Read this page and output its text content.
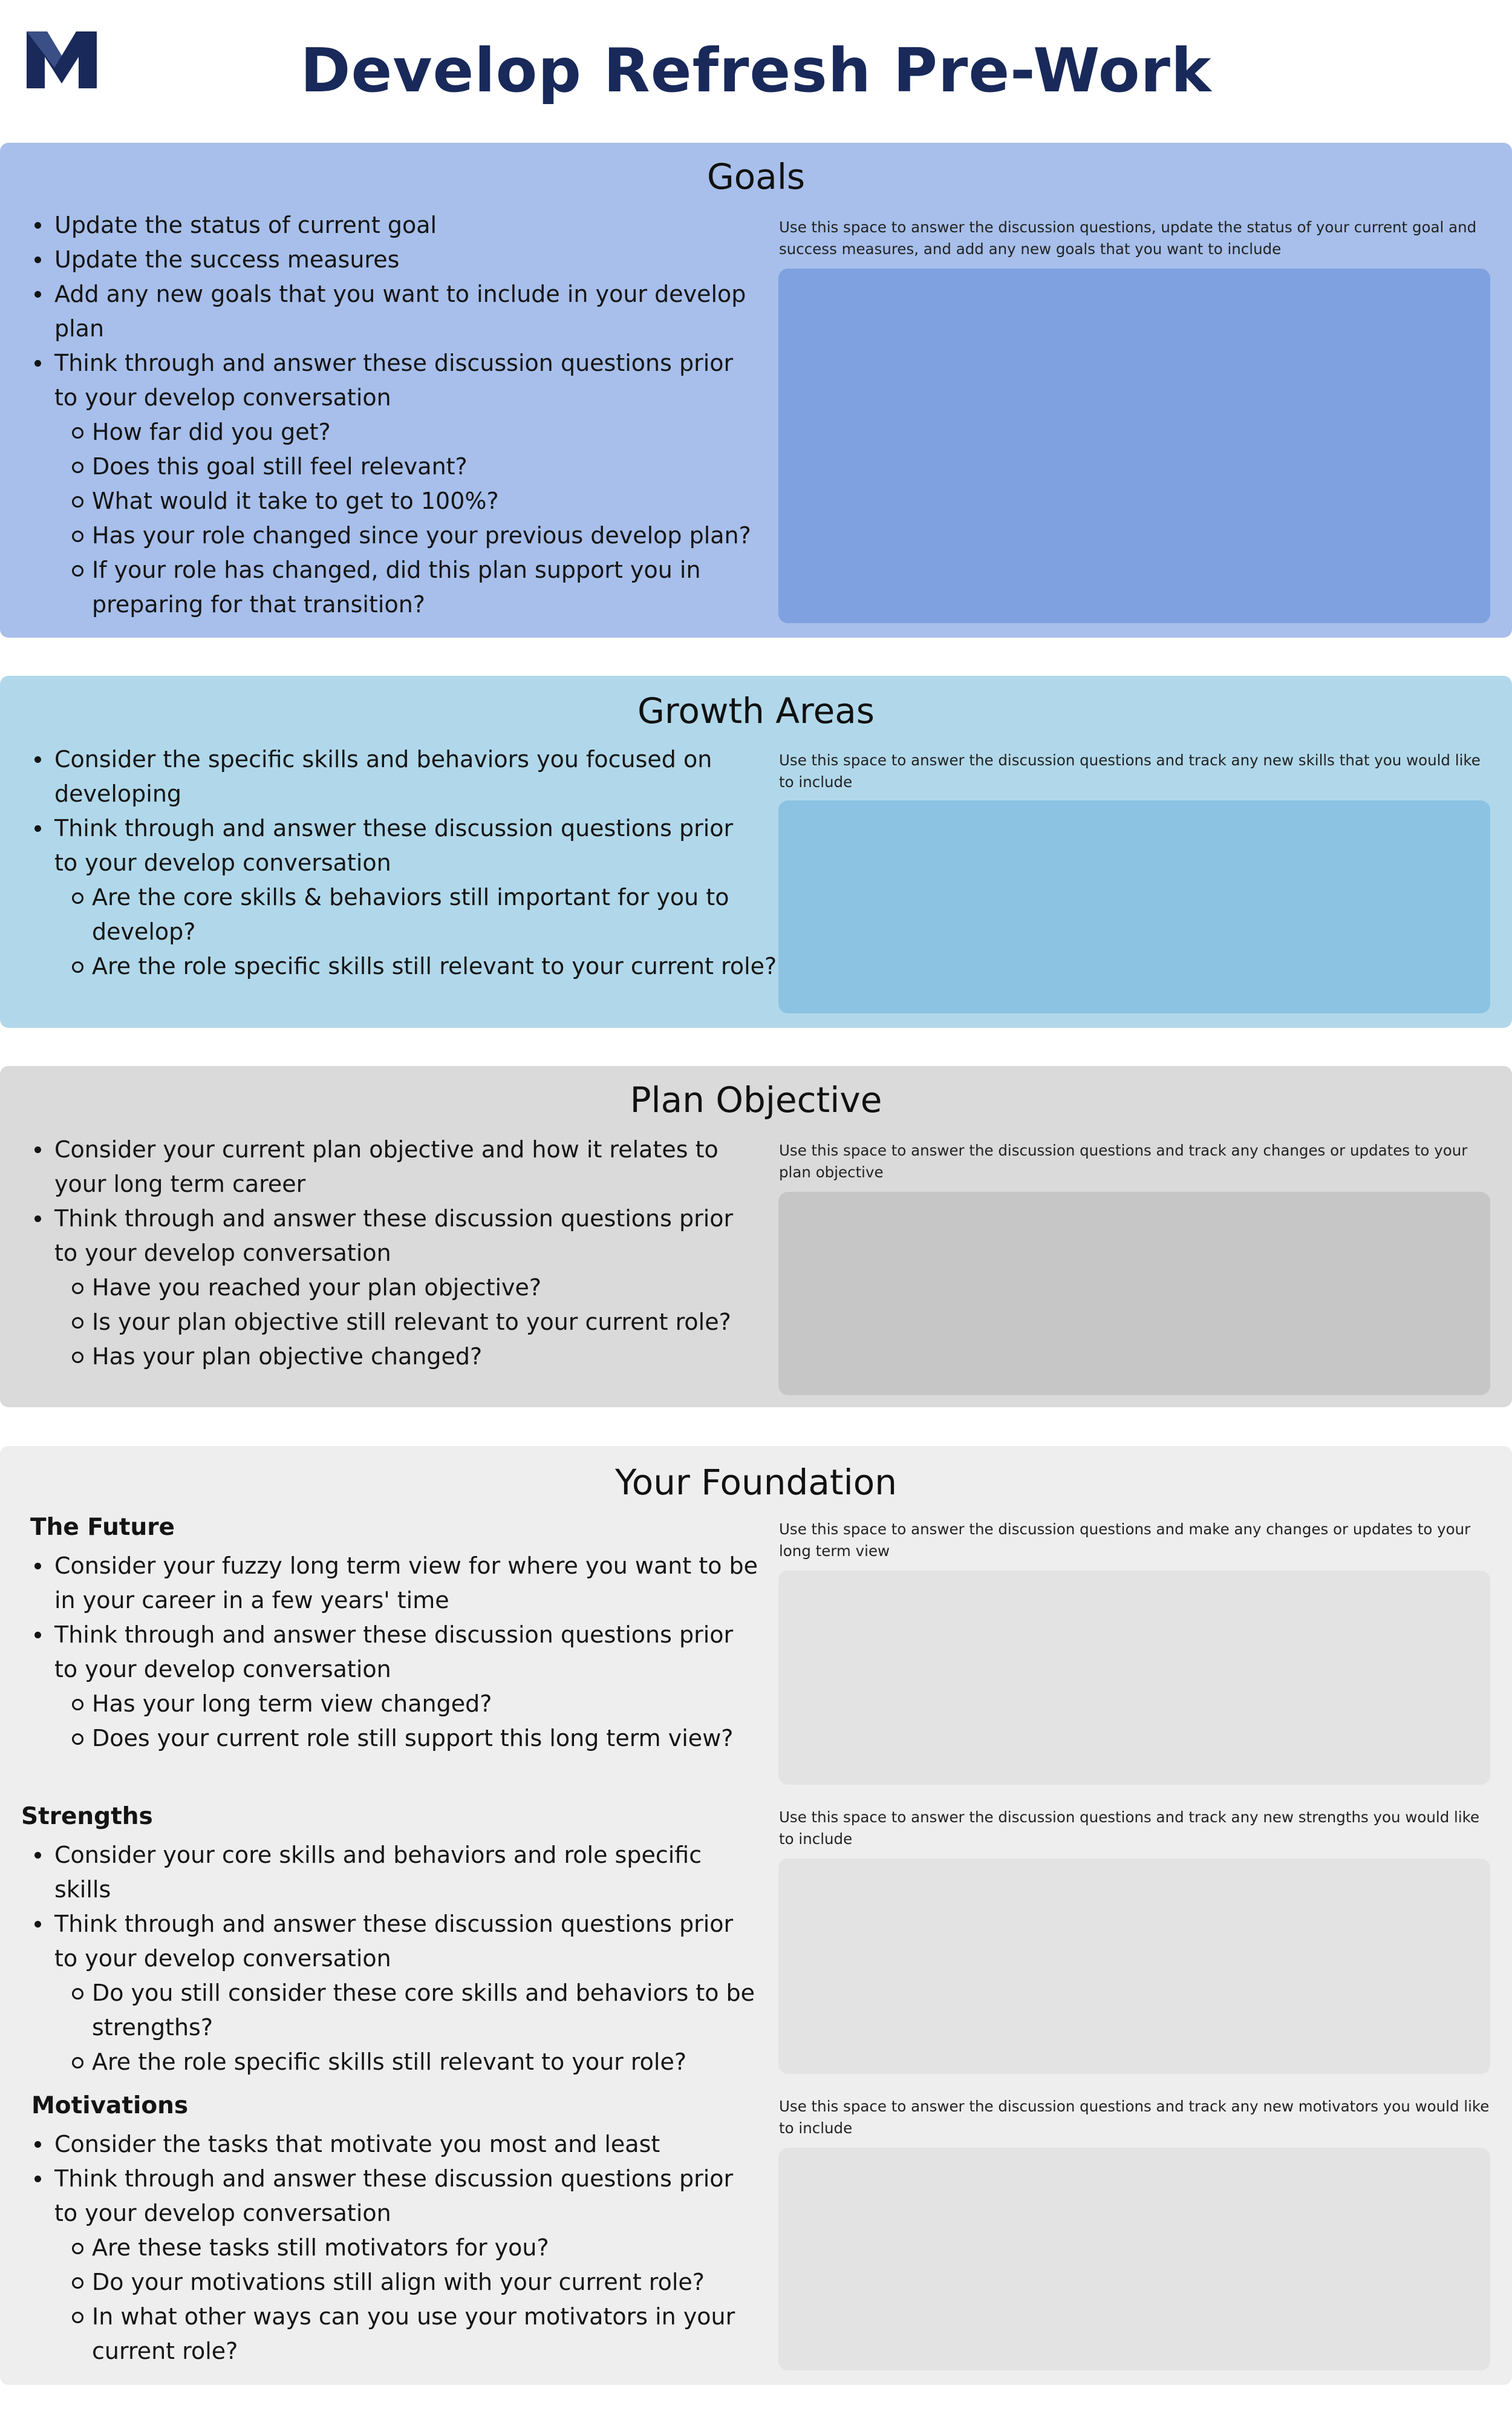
Develop Refresh Pre-Work
Goals
Update the status of current goal
Update the success measures
Add any new goals that you want to include in your develop plan
Think through and answer these discussion questions prior to your develop conversation
How far did you get?
Does this goal still feel relevant?
What would it take to get to 100%?
Has your role changed since your previous develop plan?
If your role has changed, did this plan support you in preparing for that transition?
Use this space to answer the discussion questions, update the status of your current goal and success measures, and add any new goals that you want to include
Growth Areas
Consider the specific skills and behaviors you focused on developing
Think through and answer these discussion questions prior to your develop conversation
Are the core skills & behaviors still important for you to develop?
Are the role specific skills still relevant to your current role?
Use this space to answer the discussion questions and track any new skills that you would like to include
Plan Objective
Consider your current plan objective and how it relates to your long term career
Think through and answer these discussion questions prior to your develop conversation
Have you reached your plan objective?
Is your plan objective still relevant to your current role?
Has your plan objective changed?
Use this space to answer the discussion questions and track any changes or updates to your plan objective
Your Foundation
The Future
Consider your fuzzy long term view for where you want to be in your career in a few years' time
Think through and answer these discussion questions prior to your develop conversation
Has your long term view changed?
Does your current role still support this long term view?
Use this space to answer the discussion questions and make any changes or updates to your long term view
Strengths
Consider your core skills and behaviors and role specific skills
Think through and answer these discussion questions prior to your develop conversation
Do you still consider these core skills and behaviors to be strengths?
Are the role specific skills still relevant to your role?
Use this space to answer the discussion questions and track any new strengths you would like to include
Motivations
Consider the tasks that motivate you most and least
Think through and answer these discussion questions prior to your develop conversation
Are these tasks still motivators for you?
Do your motivations still align with your current role?
In what other ways can you use your motivators in your current role?
Use this space to answer the discussion questions and track any new motivators you would like to include
